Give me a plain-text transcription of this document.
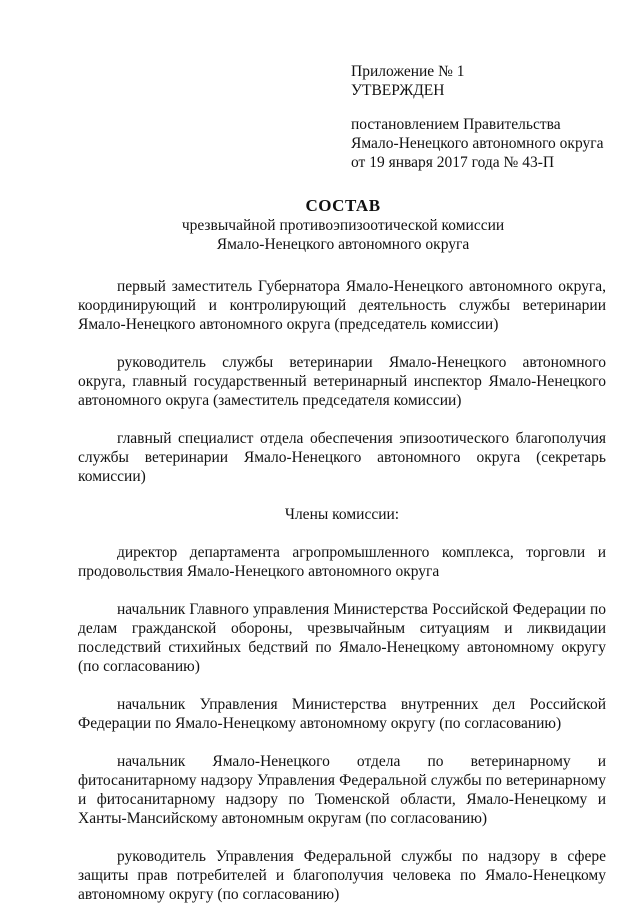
Приложение № 1
УТВЕРЖДЕН
постановлением Правительства
Ямало-Ненецкого автономного округа
от 19 января 2017 года № 43-П
СОСТАВ
чрезвычайной противоэпизоотической комиссии
Ямало-Ненецкого автономного округа

первый заместитель Губернатора Ямало-Ненецкого автономного округа, координирующий и контролирующий деятельность службы ветеринарии Ямало-Ненецкого автономного округа (председатель комиссии)

руководитель службы ветеринарии Ямало-Ненецкого автономного округа, главный государственный ветеринарный инспектор Ямало-Ненецкого автономного округа (заместитель председателя комиссии)

главный специалист отдела обеспечения эпизоотического благополучия службы ветеринарии Ямало-Ненецкого автономного округа (секретарь комиссии)

Члены комиссии:

директор департамента агропромышленного комплекса, торговли и продовольствия Ямало-Ненецкого автономного округа

начальник Главного управления Министерства Российской Федерации по делам гражданской обороны, чрезвычайным ситуациям и ликвидации последствий стихийных бедствий по Ямало-Ненецкому автономному округу (по согласованию)

начальник Управления Министерства внутренних дел Российской Федерации по Ямало-Ненецкому автономному округу (по согласованию)

начальник Ямало-Ненецкого отдела по ветеринарному и фитосанитарному надзору Управления Федеральной службы по ветеринарному и фитосанитарному надзору по Тюменской области, Ямало-Ненецкому и Ханты-Мансийскому автономным округам (по согласованию)

руководитель Управления Федеральной службы по надзору в сфере защиты прав потребителей и благополучия человека по Ямало-Ненецкому автономному округу (по согласованию)
